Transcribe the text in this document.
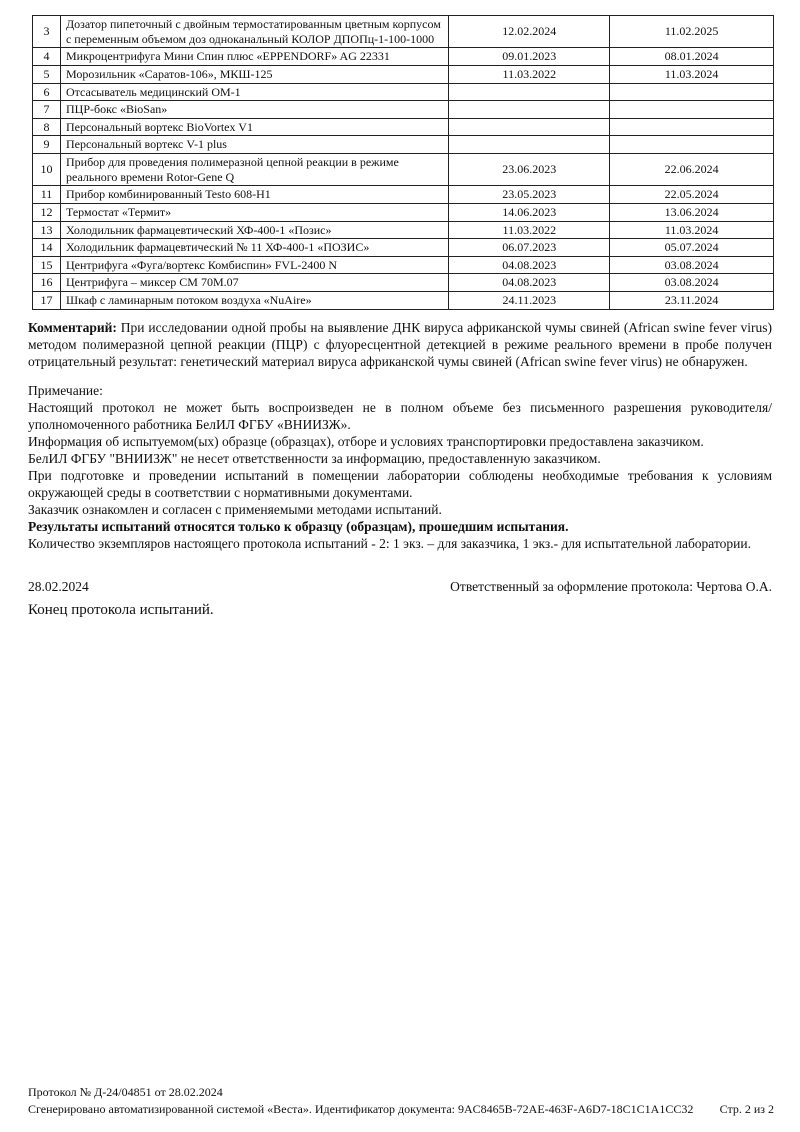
3	Дозатор пипеточный с двойным термостатированным цветным корпусом с переменным объемом доз одноканальный КОЛОР ДПОПц-1-100-1000	12.02.2024	11.02.2025
4	Микроцентрифуга Мини Спин плюс «EPPENDORF» AG 22331	09.01.2023	08.01.2024
5	Морозильник «Саратов-106», МКШ-125	11.03.2022	11.03.2024
6	Отсасыватель медицинский ОМ-1		
7	ПЦР-бокс «BioSan»		
8	Персональный вортекс BioVortex V1		
9	Персональный вортекс V-1 plus		
10	Прибор для проведения полимеразной цепной реакции в режиме реального времени Rotor-Gene Q	23.06.2023	22.06.2024
11	Прибор комбинированный Testo 608-H1	23.05.2023	22.05.2024
12	Термостат «Термит»	14.06.2023	13.06.2024
13	Холодильник фармацевтический ХФ-400-1 «Позис»	11.03.2022	11.03.2024
14	Холодильник фармацевтический № 11 ХФ-400-1 «ПОЗИС»	06.07.2023	05.07.2024
15	Центрифуга «Фуга/вортекс Комбиспин» FVL-2400 N	04.08.2023	03.08.2024
16	Центрифуга – миксер СМ 70М.07	04.08.2023	03.08.2024
17	Шкаф с ламинарным потоком воздуха «NuAire»	24.11.2023	23.11.2024

Комментарий: При исследовании одной пробы на выявление ДНК вируса африканской чумы свиней (African swine fever virus) методом полимеразной цепной реакции (ПЦР) с флуоресцентной детекцией в режиме реального времени в пробе получен отрицательный результат: генетический материал вируса африканской чумы свиней (African swine fever virus) не обнаружен.

Примечание:

Настоящий протокол не может быть воспроизведен не в полном объеме без письменного разрешения руководителя/уполномоченного работника БелИЛ ФГБУ «ВНИИЗЖ».

Информация об испытуемом(ых) образце (образцах), отборе и условиях транспортировки предоставлена заказчиком.

БелИЛ ФГБУ "ВНИИЗЖ" не несет ответственности за информацию, предоставленную заказчиком.

При подготовке и проведении испытаний в помещении лаборатории соблюдены необходимые требования к условиям окружающей среды в соответствии с нормативными документами.

Заказчик ознакомлен и согласен с применяемыми методами испытаний.

Результаты испытаний относятся только к образцу (образцам), прошедшим испытания.

Количество экземпляров настоящего протокола испытаний - 2: 1 экз. – для заказчика, 1 экз.- для испытательной лаборатории.

28.02.2024	Ответственный за оформление протокола: Чертова О.А.

Конец протокола испытаний.

Протокол № Д-24/04851 от 28.02.2024
Сгенерировано автоматизированной системой «Веста». Идентификатор документа: 9AC8465B-72AE-463F-A6D7-18C1C1A1CC32 Стр. 2 из 2
